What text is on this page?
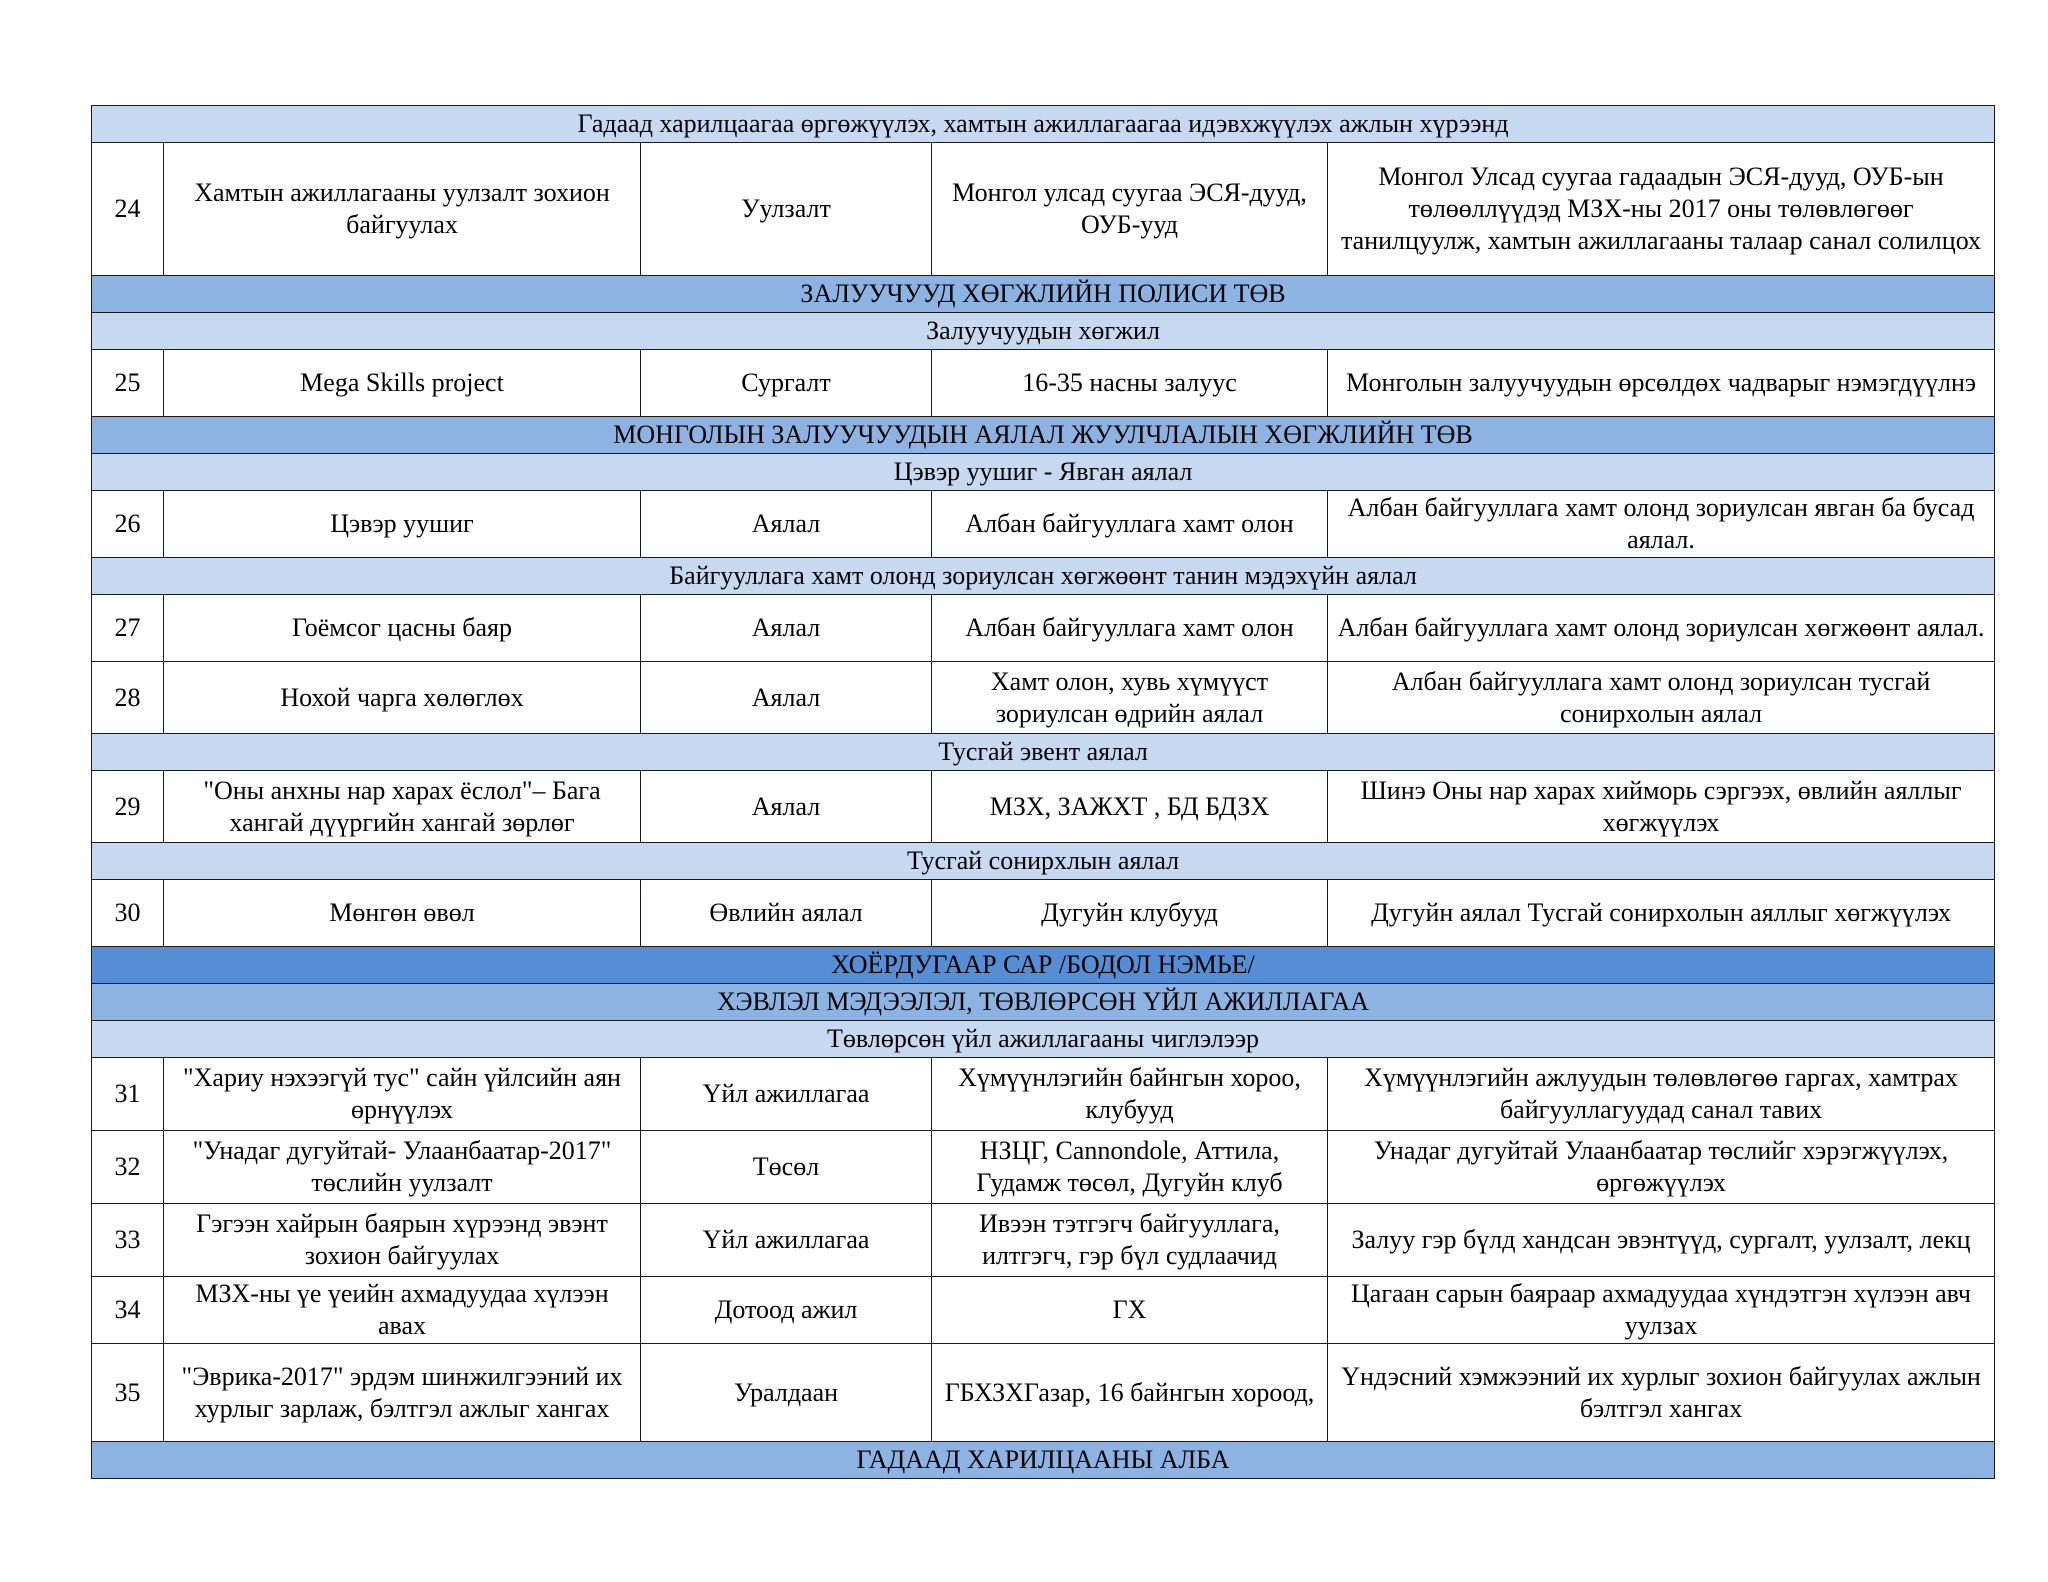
Гадаад харилцаагаа өргөжүүлэх, хамтын ажиллагаагаа идэвхжүүлэх ажлын хүрээнд				
24	Хамтын ажиллагааны уулзалт зохион байгуулах	Уулзалт	Монгол улсад суугаа ЭСЯ-дууд, ОУБ-ууд	Монгол Улсад суугаа гадаадын ЭСЯ-дууд, ОУБ-ын төлөөллүүдэд МЗХ-ны 2017 оны төлөвлөгөөг танилцуулж, хамтын ажиллагааны талаар санал солилцох
ЗАЛУУЧУУД ХӨГЖЛИЙН ПОЛИСИ ТӨВ				
Залуучуудын хөгжил				
25	Mega Skills project	Сургалт	16-35 насны залуус	Монголын залуучуудын өрсөлдөх чадварыг нэмэгдүүлнэ
МОНГОЛЫН ЗАЛУУЧУУДЫН АЯЛАЛ ЖУУЛЧЛАЛЫН ХӨГЖЛИЙН ТӨВ				
Цэвэр уушиг - Явган аялал				
26	Цэвэр уушиг	Аялал	Албан байгууллага хамт олон	Албан байгууллага хамт олонд зориулсан явган ба бусад аялал.
Байгууллага хамт олонд зориулсан хөгжөөнт танин мэдэхүйн аялал				
27	Гоёмсог цасны баяр	Аялал	Албан байгууллага хамт олон	Албан байгууллага хамт олонд зориулсан хөгжөөнт аялал.
28	Нохой чарга хөлөглөх	Аялал	Хамт олон, хувь хүмүүст зориулсан өдрийн аялал	Албан байгууллага хамт олонд зориулсан тусгай сонирхолын аялал
Тусгай эвент аялал				
29	"Оны анхны нар харах ёслол"– Бага хангай дүүргийн хангай зөрлөг	Аялал	МЗХ, ЗАЖХТ , БД БДЗХ	Шинэ Оны нар харах хийморь сэргээх, өвлийн аяллыг хөгжүүлэх
Тусгай сонирхлын аялал				
30	Мөнгөн өвөл	Өвлийн аялал	Дугуйн клубууд	Дугуйн аялал Тусгай сонирхолын аяллыг хөгжүүлэх
ХОЁРДУГААР САР /БОДОЛ НЭМЬЕ/				
ХЭВЛЭЛ МЭДЭЭЛЭЛ, ТӨВЛӨРСӨН ҮЙЛ АЖИЛЛАГАА				
Төвлөрсөн үйл ажиллагааны чиглэлээр				
31	"Хариу нэхээгүй тус" сайн үйлсийн аян өрнүүлэх	Үйл ажиллагаа	Хүмүүнлэгийн байнгын хороо, клубууд	Хүмүүнлэгийн ажлуудын төлөвлөгөө гаргах, хамтрах байгууллагуудад санал тавих
32	"Унадаг дугуйтай- Улаанбаатар-2017" төслийн уулзалт	Төсөл	НЗЦГ, Cannondole, Аттила, Гудамж төсөл, Дугуйн клуб	Унадаг дугуйтай Улаанбаатар төслийг хэрэгжүүлэх, өргөжүүлэх
33	Гэгээн хайрын баярын хүрээнд эвэнт зохион байгуулах	Үйл ажиллагаа	Ивээн тэтгэгч байгууллага, илтгэгч, гэр бүл судлаачид	Залуу гэр бүлд хандсан эвэнтүүд, сургалт, уулзалт, лекц
34	МЗХ-ны үе үеийн ахмадуудаа хүлээн авах	Дотоод ажил	ГХ	Цагаан сарын баяраар ахмадуудаа хүндэтгэн хүлээн авч уулзах
35	"Эврика-2017" эрдэм шинжилгээний их хурлыг зарлаж, бэлтгэл ажлыг хангах	Уралдаан	ГБХЗХГазар, 16 байнгын хороод,	Үндэсний хэмжээний их хурлыг зохион байгуулах ажлын бэлтгэл хангах
ГАДААД ХАРИЛЦААНЫ АЛБА				
